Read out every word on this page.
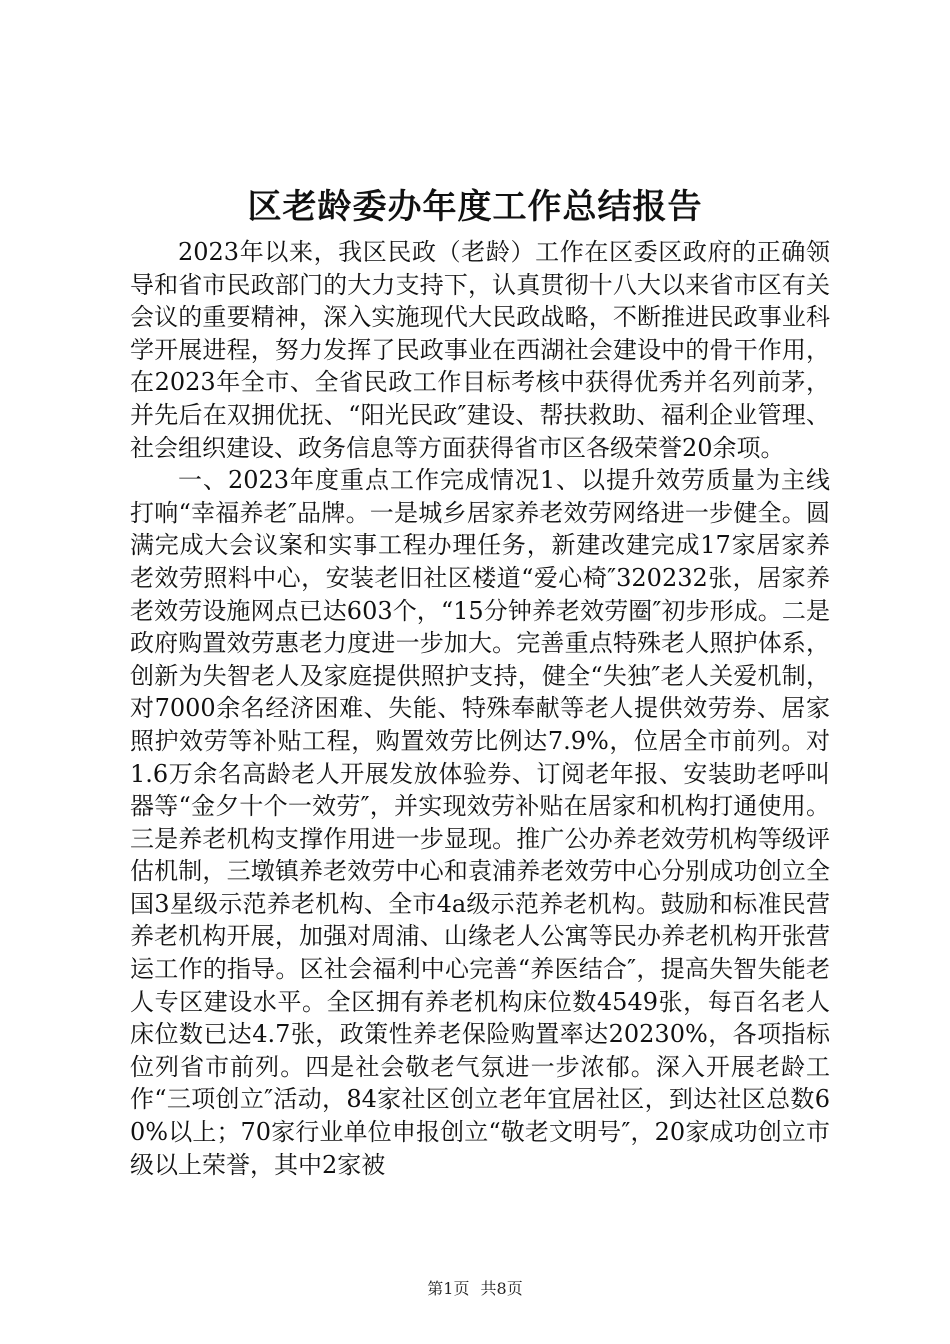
区老龄委办年度工作总结报告

2023年以来，我区民政（老龄）工作在区委区政府的正确领导和省市民政部门的大力支持下，认真贯彻十八大以来省市区有关会议的重要精神，深入实施现代大民政战略，不断推进民政事业科学开展进程，努力发挥了民政事业在西湖社会建设中的骨干作用，在2023年全市、全省民政工作目标考核中获得优秀并名列前茅，并先后在双拥优抚、“阳光民政″建设、帮扶救助、福利企业管理、社会组织建设、政务信息等方面获得省市区各级荣誉20余项。

一、2023年度重点工作完成情况1、以提升效劳质量为主线打响“幸福养老″品牌。一是城乡居家养老效劳网络进一步健全。圆满完成大会议案和实事工程办理任务，新建改建完成17家居家养老效劳照料中心，安装老旧社区楼道“爱心椅″320232张，居家养老效劳设施网点已达603个，“15分钟养老效劳圈″初步形成。二是政府购置效劳惠老力度进一步加大。完善重点特殊老人照护体系，创新为失智老人及家庭提供照护支持，健全“失独″老人关爱机制，对7000余名经济困难、失能、特殊奉献等老人提供效劳券、居家照护效劳等补贴工程，购置效劳比例达7.9%，位居全市前列。对1.6万余名高龄老人开展发放体验券、订阅老年报、安装助老呼叫器等“金夕十个一效劳″，并实现效劳补贴在居家和机构打通使用。三是养老机构支撑作用进一步显现。推广公办养老效劳机构等级评估机制，三墩镇养老效劳中心和袁浦养老效劳中心分别成功创立全国3星级示范养老机构、全市4a级示范养老机构。鼓励和标准民营养老机构开展，加强对周浦、山缘老人公寓等民办养老机构开张营运工作的指导。区社会福利中心完善“养医结合″，提高失智失能老人专区建设水平。全区拥有养老机构床位数4549张，每百名老人床位数已达4.7张，政策性养老保险购置率达20230%，各项指标位列省市前列。四是社会敬老气氛进一步浓郁。深入开展老龄工作“三项创立″活动，84家社区创立老年宜居社区，到达社区总数60%以上；70家行业单位申报创立“敬老文明号″，20家成功创立市级以上荣誉，其中2家被

第1页 共8页
